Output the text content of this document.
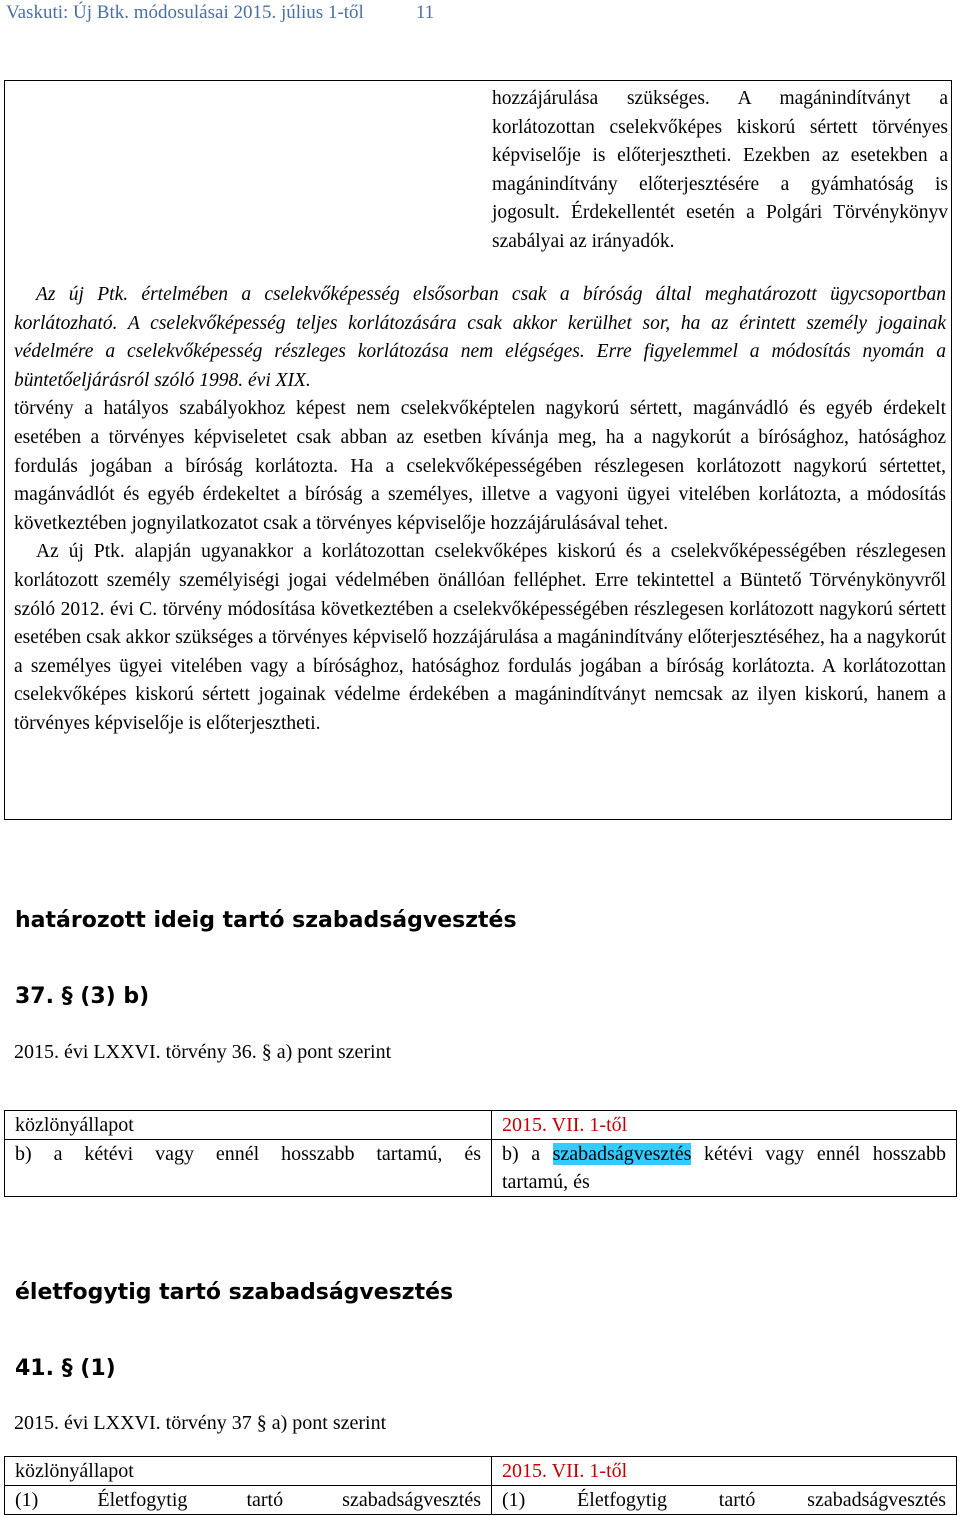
Vaskuti: Új Btk. módosulásai 2015. július 1-től	11
hozzájárulása szükséges. A magánindítványt a korlátozottan cselekvőképes kiskorú sértett törvényes képviselője is előterjesztheti. Ezekben az esetekben a magánindítvány előterjesztésére a gyámhatóság is jogosult. Érdekellentét esetén a Polgári Törvénykönyv szabályai az irányadók.

Az új Ptk. értelmében a cselekvőképesség elsősorban csak a bíróság által meghatározott ügycsoportban korlátozható. A cselekvőképesség teljes korlátozására csak akkor kerülhet sor, ha az érintett személy jogainak védelmére a cselekvőképesség részleges korlátozása nem elégséges. Erre figyelemmel a módosítás nyomán a büntetőeljárásról szóló 1998. évi XIX.

törvény a hatályos szabályokhoz képest nem cselekvőképtelen nagykorú sértett, magánvádló és egyéb érdekelt esetében a törvényes képviseletet csak abban az esetben kívánja meg, ha a nagykorút a bírósághoz, hatósághoz fordulás jogában a bíróság korlátozta. Ha a cselekvőképességében részlegesen korlátozott nagykorú sértettet, magánvádlót és egyéb érdekeltet a bíróság a személyes, illetve a vagyoni ügyei vitelében korlátozta, a módosítás következtében jognyilatkozatot csak a törvényes képviselője hozzájárulásával tehet.

Az új Ptk. alapján ugyanakkor a korlátozottan cselekvőképes kiskorú és a cselekvőképességében részlegesen korlátozott személy személyiségi jogai védelmében önállóan felléphet. Erre tekintettel a Büntető Törvénykönyvről szóló 2012. évi C. törvény módosítása következtében a cselekvőképességében részlegesen korlátozott nagykorú sértett esetében csak akkor szükséges a törvényes képviselő hozzájárulása a magánindítvány előterjesztéséhez, ha a nagykorút a személyes ügyei vitelében vagy a bírósághoz, hatósághoz fordulás jogában a bíróság korlátozta. A korlátozottan cselekvőképes kiskorú sértett jogainak védelme érdekében a magánindítványt nemcsak az ilyen kiskorú, hanem a törvényes képviselője is előterjesztheti.

határozott ideig tartó szabadságvesztés
37. § (3) b)
2015. évi LXXVI. törvény 36. § a) pont szerint
közlönyállapot	2015. VII. 1-től
b) a kétévi vagy ennél hosszabb tartamú, és	b) a szabadságvesztés kétévi vagy ennél hosszabb tartamú, és
életfogytig tartó szabadságvesztés
41. § (1)
2015. évi LXXVI. törvény 37 § a) pont szerint
közlönyállapot	2015. VII. 1-től
(1) Életfogytig tartó szabadságvesztés	(1) Életfogytig tartó szabadságvesztés
